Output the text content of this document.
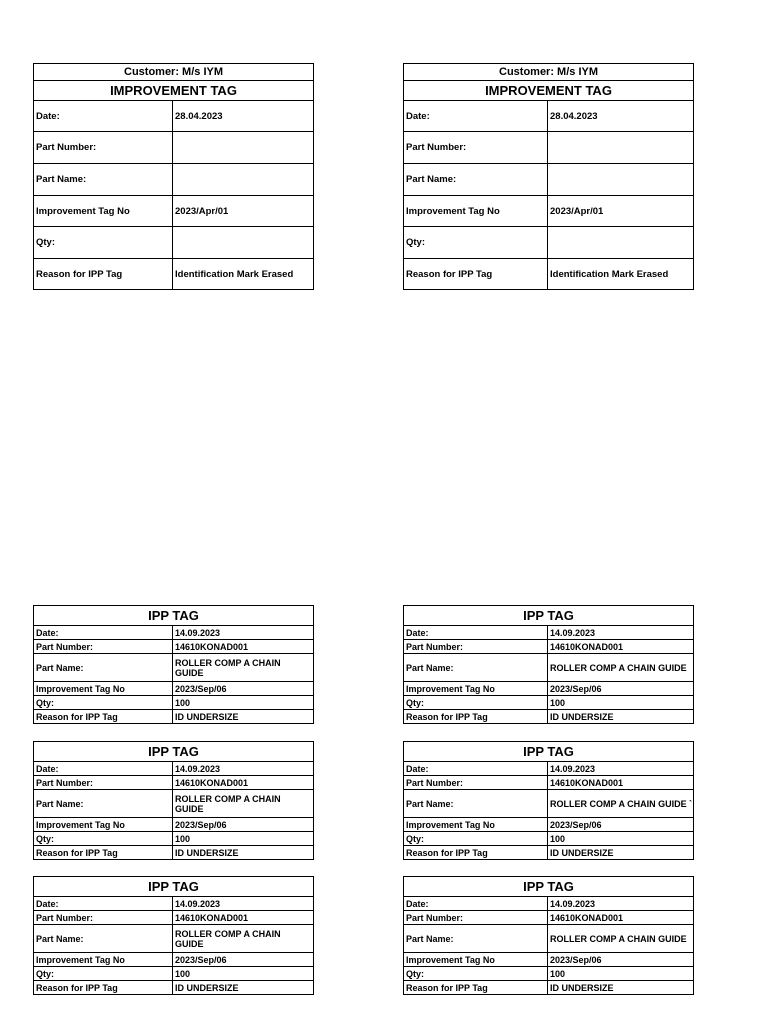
Customer: M/s IYM	
IMPROVEMENT TAG	
Date:	28.04.2023
Part Number:	
Part Name:	
Improvement Tag No	2023/Apr/01
Qty:	
Reason for IPP Tag	Identification Mark Erased
Customer: M/s IYM	
IMPROVEMENT TAG	
Date:	28.04.2023
Part Number:	
Part Name:	
Improvement Tag No	2023/Apr/01
Qty:	
Reason for IPP Tag	Identification Mark Erased
IPP TAG	
Date:	14.09.2023
Part Number:	14610KONAD001
Part Name:	ROLLER COMP A CHAIN GUIDE
Improvement Tag No	2023/Sep/06
Qty:	100
Reason for IPP Tag	ID UNDERSIZE
IPP TAG	
Date:	14.09.2023
Part Number:	14610KONAD001
Part Name:	ROLLER COMP A CHAIN GUIDE
Improvement Tag No	2023/Sep/06
Qty:	100
Reason for IPP Tag	ID UNDERSIZE
IPP TAG	
Date:	14.09.2023
Part Number:	14610KONAD001
Part Name:	ROLLER COMP A CHAIN GUIDE
Improvement Tag No	2023/Sep/06
Qty:	100
Reason for IPP Tag	ID UNDERSIZE
IPP TAG	
Date:	14.09.2023
Part Number:	14610KONAD001
Part Name:	ROLLER COMP A CHAIN GUIDE `
Improvement Tag No	2023/Sep/06
Qty:	100
Reason for IPP Tag	ID UNDERSIZE
IPP TAG	
Date:	14.09.2023
Part Number:	14610KONAD001
Part Name:	ROLLER COMP A CHAIN GUIDE
Improvement Tag No	2023/Sep/06
Qty:	100
Reason for IPP Tag	ID UNDERSIZE
IPP TAG	
Date:	14.09.2023
Part Number:	14610KONAD001
Part Name:	ROLLER COMP A CHAIN GUIDE
Improvement Tag No	2023/Sep/06
Qty:	100
Reason for IPP Tag	ID UNDERSIZE
